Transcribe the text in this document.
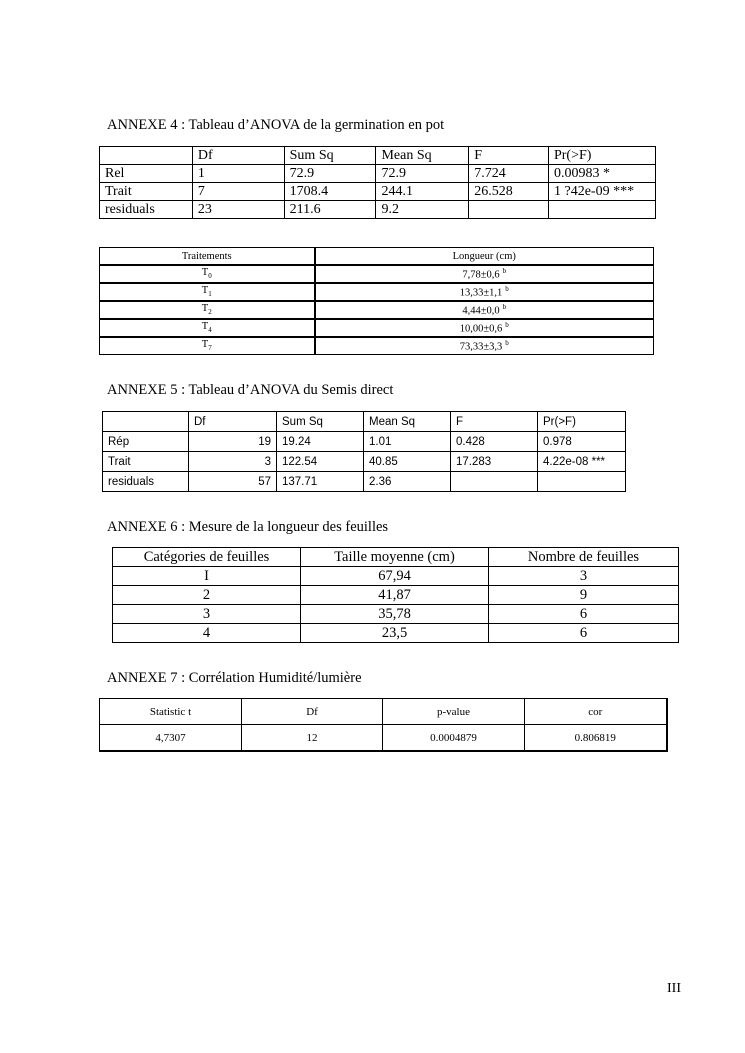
ANNEXE 4 : Tableau d’ANOVA de la germination en pot
	Df	Sum Sq	Mean Sq	F	Pr(>F)
Rel	1	72.9	72.9	7.724	0.00983 *
Trait	7	1708.4	244.1	26.528	1 ?42e-09 ***
residuals	23	211.6	9.2		
Traitements	Longueur (cm)
$T_0$	7,78±0,6 $^b$
$T_1$	13,33±1,1 $^b$
$T_2$	4,44±0,0 $^b$
$T_4$	10,00±0,6 $^b$
$T_7$	73,33±3,3 $^b$
ANNEXE 5 : Tableau d’ANOVA du Semis direct
	Df	Sum Sq	Mean Sq	F	Pr(>F)
Rép	19	19.24	1.01	0.428	0.978
Trait	3	122.54	40.85	17.283	4.22e-08 ***
residuals	57	137.71	2.36		
ANNEXE 6 : Mesure de la longueur des feuilles
Catégories de feuilles	Taille moyenne (cm)	Nombre de feuilles
I	67,94	3
2	41,87	9
3	35,78	6
4	23,5	6
ANNEXE 7 : Corrélation Humidité/lumière
Statistic t	Df	p-value	cor
4,7307	12	0.0004879	0.806819
III
